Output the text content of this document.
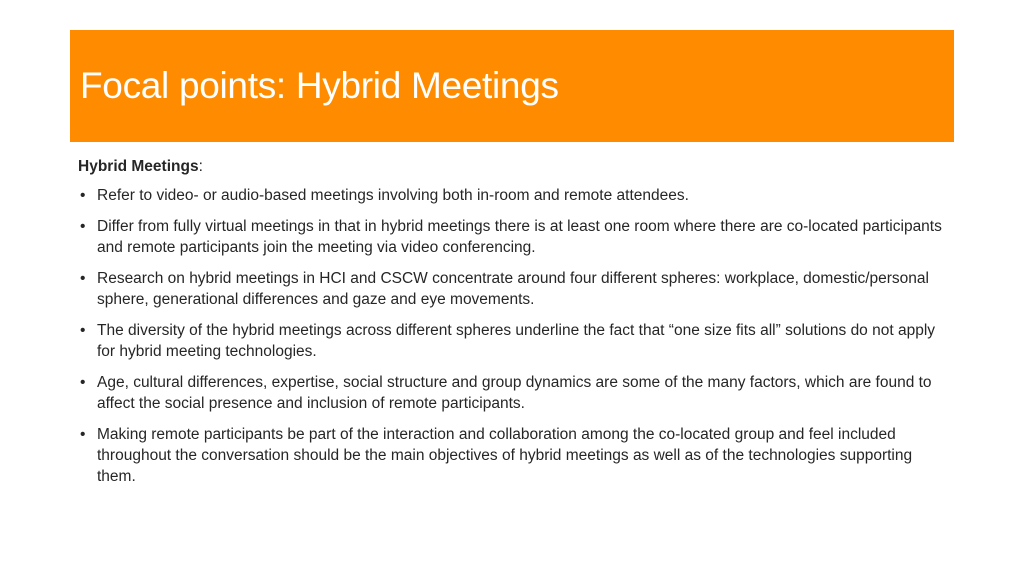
Focal points: Hybrid Meetings
Hybrid Meetings:
• Refer to video- or audio-based meetings involving both in-room and remote attendees.
• Differ from fully virtual meetings in that in hybrid meetings there is at least one room where there are co-located participants and remote participants join the meeting via video conferencing.
• Research on hybrid meetings in HCI and CSCW concentrate around four different spheres: workplace, domestic/personal sphere, generational differences and gaze and eye movements.
• The diversity of the hybrid meetings across different spheres underline the fact that “one size fits all” solutions do not apply for hybrid meeting technologies.
• Age, cultural differences, expertise, social structure and group dynamics are some of the many factors, which are found to affect the social presence and inclusion of remote participants.
• Making remote participants be part of the interaction and collaboration among the co-located group and feel included throughout the conversation should be the main objectives of hybrid meetings as well as of the technologies supporting them.
